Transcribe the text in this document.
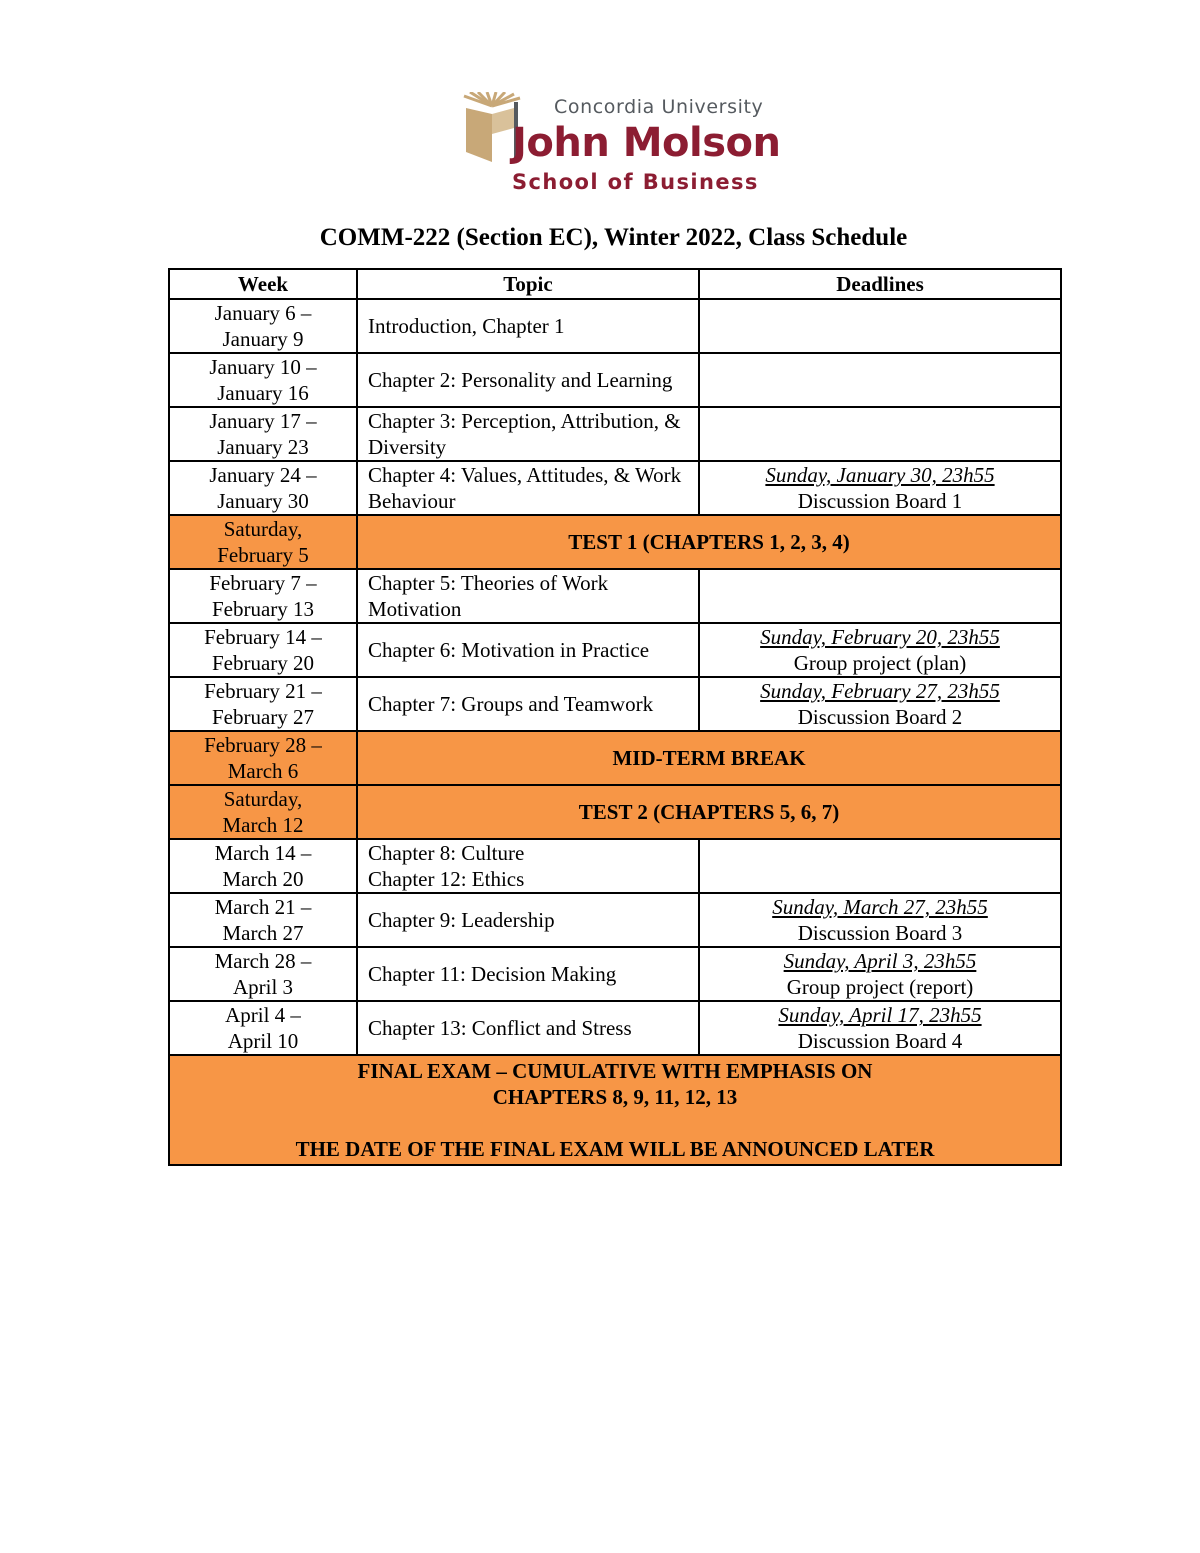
Concordia University
John Molson
School of Business
COMM-222 (Section EC), Winter 2022, Class Schedule
Week	Topic	Deadlines

January 6 –
January 9	Introduction, Chapter 1	

January 10 –
January 16	Chapter 2: Personality and Learning	

January 17 –
January 23	Chapter 3: Perception, Attribution, & Diversity	

January 24 –
January 30	Chapter 4: Values, Attitudes, & Work Behaviour	Sunday, January 30, 23h55
Discussion Board 1

Saturday,
February 5	TEST 1 (CHAPTERS 1, 2, 3, 4)	

February 7 –
February 13	Chapter 5: Theories of Work Motivation	

February 14 –
February 20	Chapter 6: Motivation in Practice	Sunday, February 20, 23h55
Group project (plan)

February 21 –
February 27	Chapter 7: Groups and Teamwork	Sunday, February 27, 23h55
Discussion Board 2

February 28 –
March 6	MID-TERM BREAK	

Saturday,
March 12	TEST 2 (CHAPTERS 5, 6, 7)	

March 14 –
March 20	Chapter 8: Culture
Chapter 12: Ethics	

March 21 –
March 27	Chapter 9: Leadership	Sunday, March 27, 23h55
Discussion Board 3

March 28 –
April 3	Chapter 11: Decision Making	Sunday, April 3, 23h55
Group project (report)

April 4 –
April 10	Chapter 13: Conflict and Stress	Sunday, April 17, 23h55
Discussion Board 4

FINAL EXAM – CUMULATIVE WITH EMPHASIS ON
CHAPTERS 8, 9, 11, 12, 13
THE DATE OF THE FINAL EXAM WILL BE ANNOUNCED LATER		
